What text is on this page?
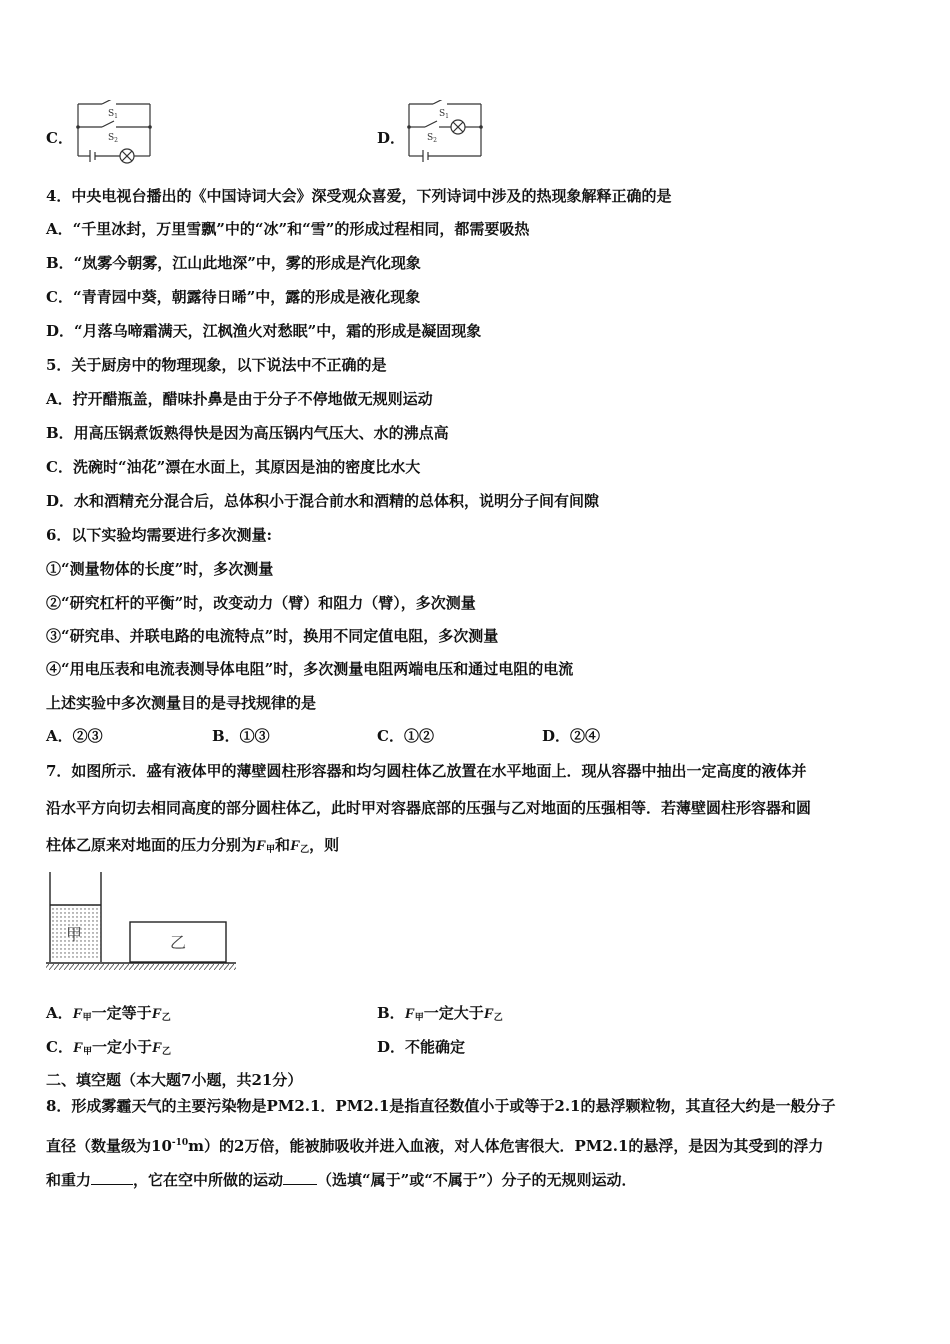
C．
$S_1$
$S_2$	D．
$S_1$
$S_2$
4．中央电视台播出的《中国诗词大会》深受观众喜爱，下列诗词中涉及的热现象解释正确的是
A．“千里冰封，万里雪飘”中的“冰”和“雪”的形成过程相同，都需要吸热
B．“岚雾今朝雾，江山此地深”中，雾的形成是汽化现象
C．“青青园中葵，朝露待日晞”中，露的形成是液化现象
D．“月落乌啼霜满天，江枫渔火对愁眠”中，霜的形成是凝固现象
5．关于厨房中的物理现象，以下说法中不正确的是
A．拧开醋瓶盖，醋味扑鼻是由于分子不停地做无规则运动
B．用高压锅煮饭熟得快是因为高压锅内气压大、水的沸点高
C．洗碗时“油花”漂在水面上，其原因是油的密度比水大
D．水和酒精充分混合后，总体积小于混合前水和酒精的总体积，说明分子间有间隙
6．以下实验均需要进行多次测量:
①“测量物体的长度”时，多次测量
②“研究杠杆的平衡”时，改变动力（臂）和阻力（臂），多次测量
③“研究串、并联电路的电流特点”时，换用不同定值电阻，多次测量
④“用电压表和电流表测导体电阻”时，多次测量电阻两端电压和通过电阻的电流
上述实验中多次测量目的是寻找规律的是
A．②③	B．①③	C．①②	D．②④
7．如图所示．盛有液体甲的薄壁圆柱形容器和均匀圆柱体乙放置在水平地面上．现从容器中抽出一定高度的液体并
沿水平方向切去相同高度的部分圆柱体乙，此时甲对容器底部的压强与乙对地面的压强相等．若薄壁圆柱形容器和圆
柱体乙原来对地面的压力分别为$F_甲$和$F_乙$，则
甲	乙
A．$F_甲$一定等于$F_乙$	B．$F_甲$一定大于$F_乙$
C．$F_甲$一定小于$F_乙$	D．不能确定
二、填空题（本大题7小题，共21分）
8．形成雾霾天气的主要污染物是PM2.1．PM2.1是指直径数值小于或等于2.1的悬浮颗粒物，其直径大约是一般分子
直径（数量级为$10^{-10}m$）的2万倍，能被肺吸收并进入血液，对人体危害很大．PM2.1的悬浮，是因为其受到的浮力
和重力	，它在空中所做的运动 （选填“属于”或“不属于”）分子的无规则运动．
